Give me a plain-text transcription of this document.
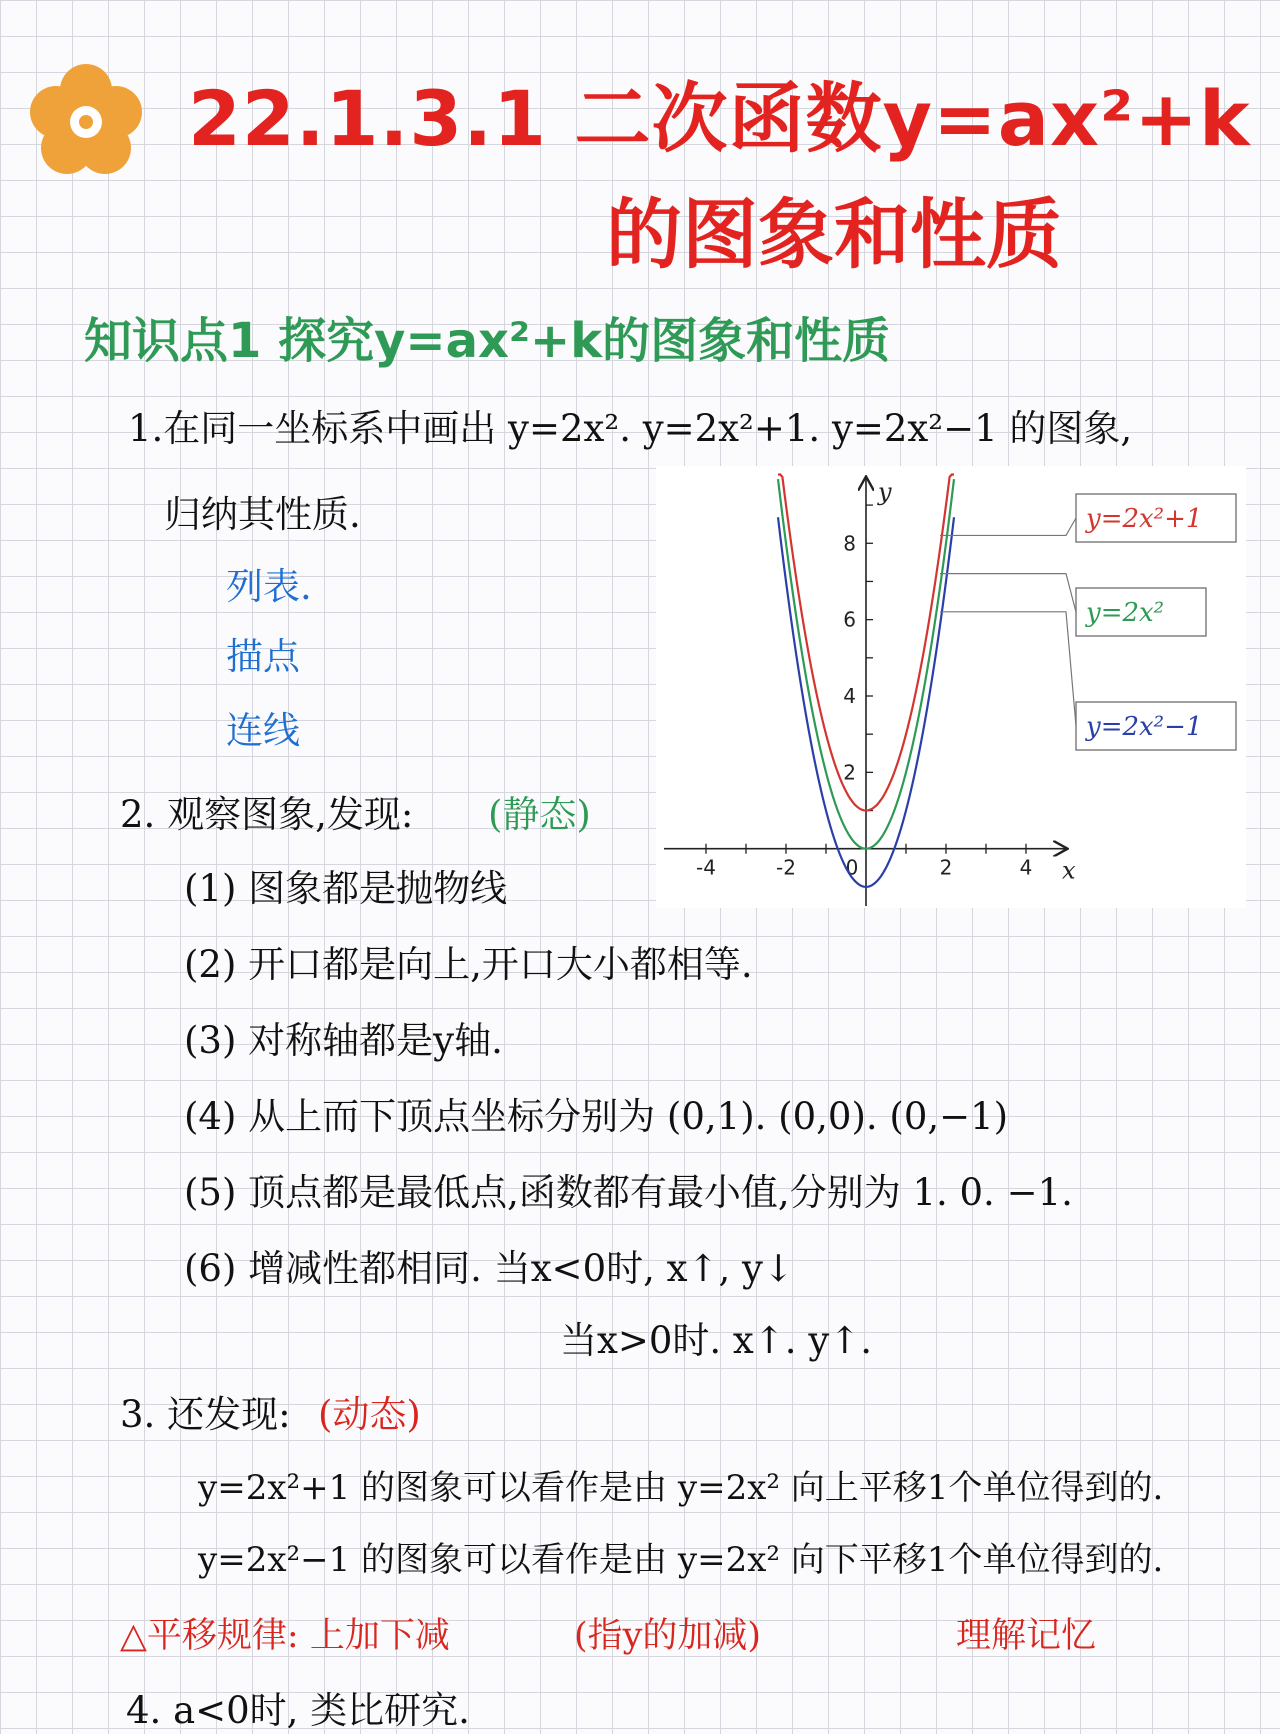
22.1.3.1 二次函数y=ax²+k
的图象和性质
知识点1 探究y=ax²+k的图象和性质
1.在同一坐标系中画出 y=2x². y=2x²+1. y=2x²−1 的图象,
归纳其性质.
列表.
描点
连线
x
y
-4	-2 0	2	4
2
4
6
8
y=2x²+1
y=2x²
y=2x²−1
2. 观察图象,发现: (静态)
(1) 图象都是抛物线
(2) 开口都是向上,开口大小都相等.
(3) 对称轴都是y轴.
(4) 从上而下顶点坐标分别为 (0,1). (0,0). (0,−1)
(5) 顶点都是最低点,函数都有最小值,分别为 1. 0. −1.
(6) 增减性都相同. 当x<0时, x↑, y↓
当x>0时. x↑. y↑.
3. 还发现: (动态)
y=2x²+1 的图象可以看作是由 y=2x² 向上平移1个单位得到的.
y=2x²−1 的图象可以看作是由 y=2x² 向下平移1个单位得到的.
△平移规律: 上加下减	(指y的加减)	理解记忆
4. a<0时, 类比研究.
